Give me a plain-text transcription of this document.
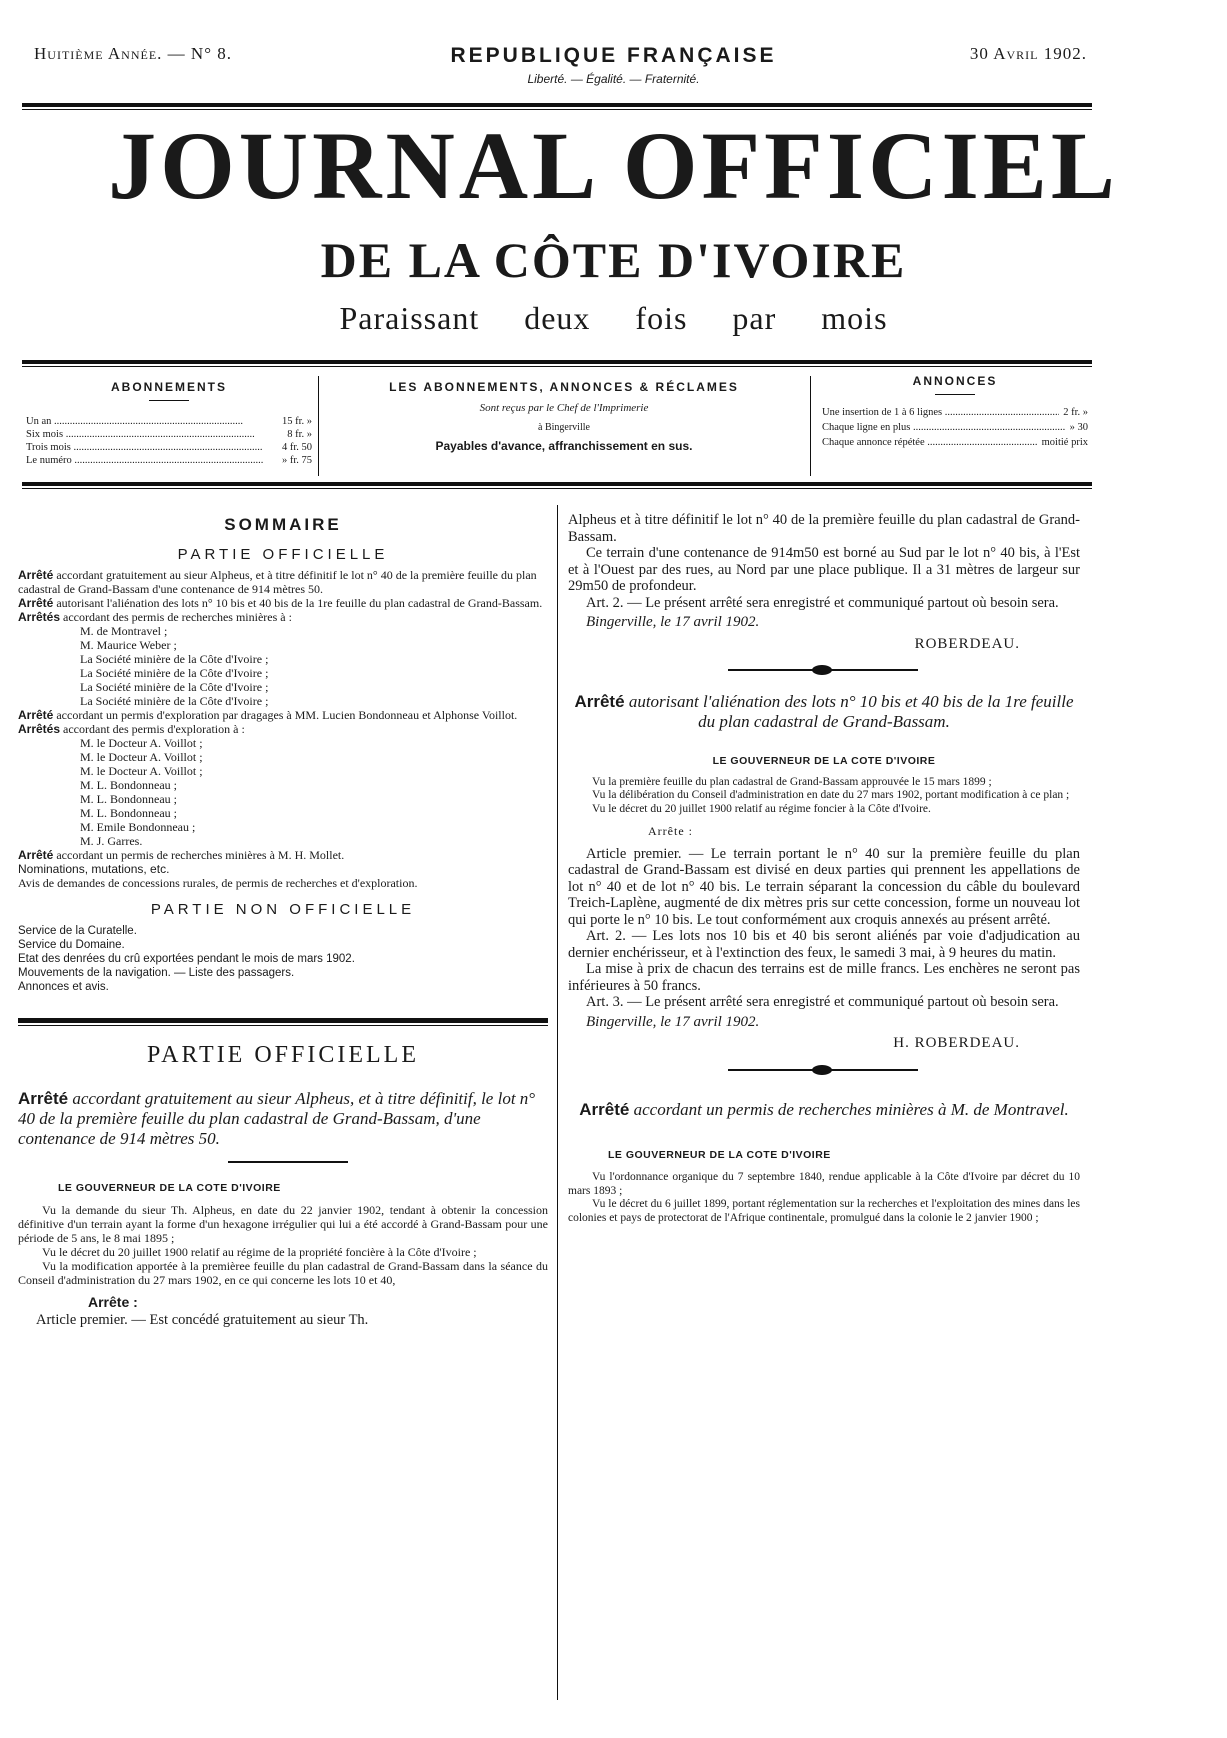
Huitième Année. — N° 8.	REPUBLIQUE FRANÇAISE
Liberté. — Égalité. — Fraternité.
30 Avril 1902.
JOURNAL OFFICIEL
DE LA CÔTE D'IVOIRE
Paraissant deux fois par mois
ABONNEMENTS
Un an .....	15 fr. »
Six mois .....	8 fr. »
Trois mois .....	4 fr. 50
Le numéro .....	» fr. 75
LES ABONNEMENTS, ANNONCES & RÉCLAMES
Sont reçus par le Chef de l'Imprimerie
à Bingerville
Payables d'avance, affranchissement en sus.
ANNONCES
Une insertion de 1 à 6 lignes .....	2 fr. »
Chaque ligne en plus .....	» 30
Chaque annonce répétée .....	moitié prix
SOMMAIRE
PARTIE OFFICIELLE

Arrêté accordant gratuitement au sieur Alpheus, et à titre définitif le lot n° 40 de la première feuille du plan cadastral de Grand-Bassam d'une contenance de 914 mètres 50.

Arrêté autorisant l'aliénation des lots n° 10 bis et 40 bis de la 1re feuille du plan cadastral de Grand-Bassam.

Arrêtés accordant des permis de recherches minières à :

M. de Montravel ;

M. Maurice Weber ;

La Société minière de la Côte d'Ivoire ;

La Société minière de la Côte d'Ivoire ;

La Société minière de la Côte d'Ivoire ;

La Société minière de la Côte d'Ivoire ;

Arrêté accordant un permis d'exploration par dragages à MM. Lucien Bondonneau et Alphonse Voillot.

Arrêtés accordant des permis d'exploration à :

M. le Docteur A. Voillot ;

M. le Docteur A. Voillot ;

M. le Docteur A. Voillot ;

M. L. Bondonneau ;

M. L. Bondonneau ;

M. L. Bondonneau ;

M. Emile Bondonneau ;

M. J. Garres.

Arrêté accordant un permis de recherches minières à M. H. Mollet.

Nominations, mutations, etc.

Avis de demandes de concessions rurales, de permis de recherches et d'exploration.

PARTIE NON OFFICIELLE

Service de la Curatelle.

Service du Domaine.

Etat des denrées du crû exportées pendant le mois de mars 1902.

Mouvements de la navigation. — Liste des passagers.

Annonces et avis.

PARTIE OFFICIELLE

Arrêté accordant gratuitement au sieur Alpheus, et à titre définitif, le lot n° 40 de la première feuille du plan cadastral de Grand-Bassam, d'une contenance de 914 mètres 50.

LE GOUVERNEUR DE LA COTE D'IVOIRE

Vu la demande du sieur Th. Alpheus, en date du 22 janvier 1902, tendant à obtenir la concession définitive d'un terrain ayant la forme d'un hexagone irrégulier qui lui a été accordé à Grand-Bassam pour une période de 5 ans, le 8 mai 1895 ;

Vu le décret du 20 juillet 1900 relatif au régime de la propriété foncière à la Côte d'Ivoire ;

Vu la modification apportée à la premièree feuille du plan cadastral de Grand-Bassam dans la séance du Conseil d'administration du 27 mars 1902, en ce qui concerne les lots 10 et 40,

Arrête :

Article premier. — Est concédé gratuitement au sieur Th.

Alpheus et à titre définitif le lot n° 40 de la première feuille du plan cadastral de Grand-Bassam.

Ce terrain d'une contenance de 914m50 est borné au Sud par le lot n° 40 bis, à l'Est et à l'Ouest par des rues, au Nord par une place publique. Il a 31 mètres de largeur sur 29m50 de profondeur.

Art. 2. — Le présent arrêté sera enregistré et communiqué partout où besoin sera.

Bingerville, le 17 avril 1902.

ROBERDEAU.

Arrêté autorisant l'aliénation des lots n° 10 bis et 40 bis de la 1re feuille du plan cadastral de Grand-Bassam.

LE GOUVERNEUR DE LA COTE D'IVOIRE

Vu la première feuille du plan cadastral de Grand-Bassam approuvée le 15 mars 1899 ;

Vu la délibération du Conseil d'administration en date du 27 mars 1902, portant modification à ce plan ;

Vu le décret du 20 juillet 1900 relatif au régime foncier à la Côte d'Ivoire.

Arrête :

Article premier. — Le terrain portant le n° 40 sur la première feuille du plan cadastral de Grand-Bassam est divisé en deux parties qui prennent les appellations de lot n° 40 et de lot n° 40 bis. Le terrain séparant la concession du câble du boulevard Treich-Laplène, augmenté de dix mètres pris sur cette concession, forme un nouveau lot qui porte le n° 10 bis. Le tout conformément aux croquis annexés au présent arrêté.

Art. 2. — Les lots nos 10 bis et 40 bis seront aliénés par voie d'adjudication au dernier enchérisseur, et à l'extinction des feux, le samedi 3 mai, à 9 heures du matin.

La mise à prix de chacun des terrains est de mille francs. Les enchères ne seront pas inférieures à 50 francs.

Art. 3. — Le présent arrêté sera enregistré et communiqué partout où besoin sera.

Bingerville, le 17 avril 1902.

H. ROBERDEAU.

Arrêté accordant un permis de recherches minières à M. de Montravel.

LE GOUVERNEUR DE LA COTE D'IVOIRE

Vu l'ordonnance organique du 7 septembre 1840, rendue applicable à la Côte d'Ivoire par décret du 10 mars 1893 ;

Vu le décret du 6 juillet 1899, portant réglementation sur la recherches et l'exploitation des mines dans les colonies et pays de protectorat de l'Afrique continentale, promulgué dans la colonie le 2 janvier 1900 ;
